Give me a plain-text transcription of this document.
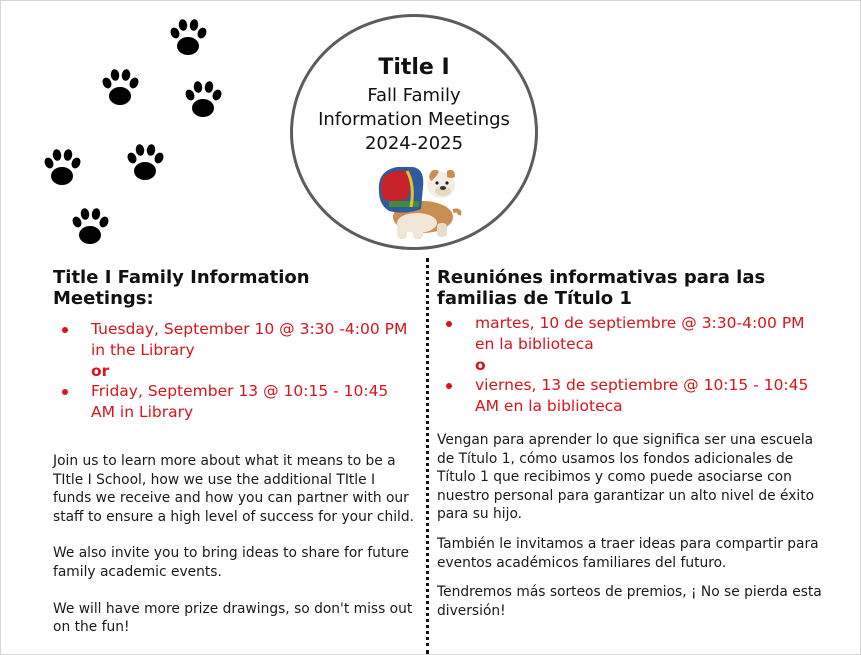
Title I
Fall Family
Information Meetings
2024-2025
Title I Family Information Meetings:
Tuesday, September 10 @ 3:30 -4:00 PM in the Library
or
Friday, September 13 @ 10:15 - 10:45 AM in Library

Join us to learn more about what it means to be a TItle I School, how we use the additional TItle I funds we receive and how you can partner with our staff to ensure a high level of success for your child.

We also invite you to bring ideas to share for future family academic events.

We will have more prize drawings, so don't miss out on the fun!

Reuniónes informativas para las familias de Título 1
martes, 10 de septiembre @ 3:30-4:00 PM en la biblioteca
o
viernes, 13 de septiembre @ 10:15 - 10:45 AM en la biblioteca

Vengan para aprender lo que significa ser una escuela de Título 1, cómo usamos los fondos adicionales de Título 1 que recibimos y como puede asociarse con nuestro personal para garantizar un alto nivel de éxito para su hijo.

También le invitamos a traer ideas para compartir para eventos académicos familiares del futuro.

Tendremos más sorteos de premios, ¡ No se pierda esta diversión!
